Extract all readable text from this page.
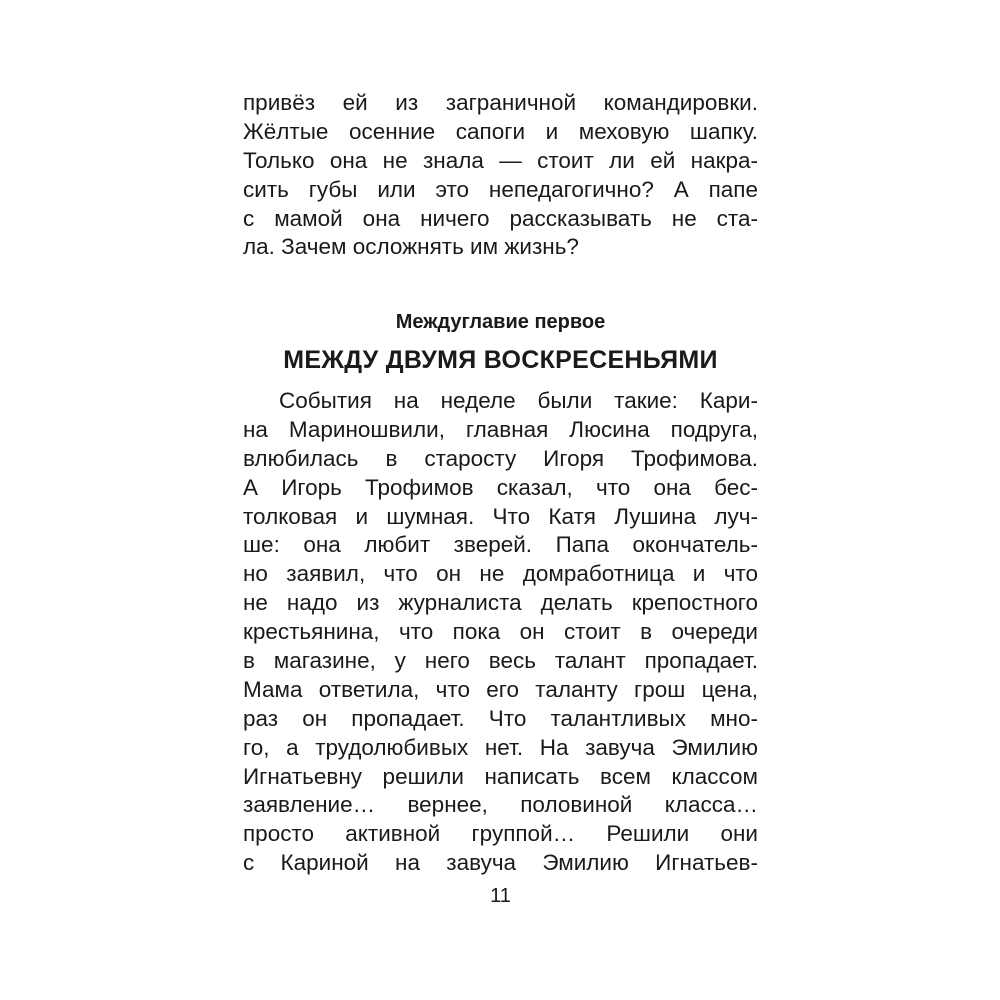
привёз ей из заграничной командировки.
Жёлтые осенние сапоги и меховую шапку.
Только она не знала — стоит ли ей накра-
сить губы или это непедагогично? А папе
с мамой она ничего рассказывать не ста-
ла. Зачем осложнять им жизнь?
Междуглавие первое
МЕЖДУ ДВУМЯ ВОСКРЕСЕНЬЯМИ
События на неделе были такие: Кари-
на Мариношвили, главная Люсина подруга,
влюбилась в старосту Игоря Трофимова.
А Игорь Трофимов сказал, что она бес-
толковая и шумная. Что Катя Лушина луч-
ше: она любит зверей. Папа окончатель-
но заявил, что он не домработница и что
не надо из журналиста делать крепостного
крестьянина, что пока он стоит в очереди
в магазине, у него весь талант пропадает.
Мама ответила, что его таланту грош цена,
раз он пропадает. Что талантливых мно-
го, а трудолюбивых нет. На завуча Эмилию
Игнатьевну решили написать всем классом
заявление… вернее, половиной класса…
просто активной группой… Решили они
с Кариной на завуча Эмилию Игнатьев-
11
